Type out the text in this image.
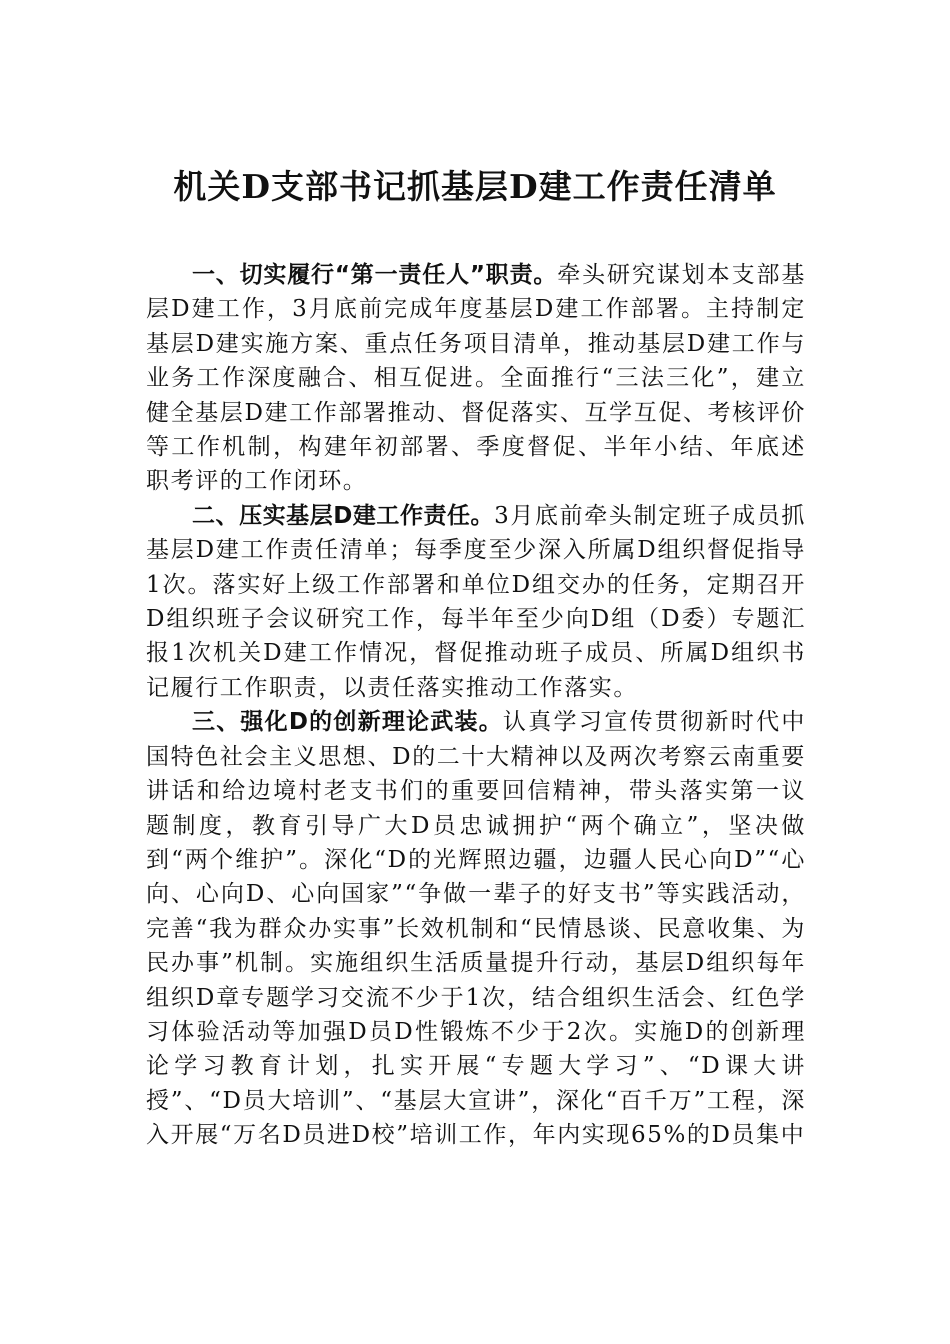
机关D支部书记抓基层D建工作责任清单

一、切实履行“第一责任人”职责。牵头研究谋划本支部基层D建工作，3月底前完成年度基层D建工作部署。主持制定基层D建实施方案、重点任务项目清单，推动基层D建工作与业务工作深度融合、相互促进。全面推行“三法三化”，建立健全基层D建工作部署推动、督促落实、互学互促、考核评价等工作机制，构建年初部署、季度督促、半年小结、年底述职考评的工作闭环。

二、压实基层D建工作责任。3月底前牵头制定班子成员抓基层D建工作责任清单；每季度至少深入所属D组织督促指导1次。落实好上级工作部署和单位D组交办的任务，定期召开D组织班子会议研究工作，每半年至少向D组（D委）专题汇报1次机关D建工作情况，督促推动班子成员、所属D组织书记履行工作职责，以责任落实推动工作落实。

三、强化D的创新理论武装。认真学习宣传贯彻新时代中国特色社会主义思想、D的二十大精神以及两次考察云南重要讲话和给边境村老支书们的重要回信精神，带头落实第一议题制度，教育引导广大D员忠诚拥护“两个确立”，坚决做到“两个维护”。深化“D的光辉照边疆，边疆人民心向D”“心向、心向D、心向国家”“争做一辈子的好支书”等实践活动，完善“我为群众办实事”长效机制和“民情恳谈、民意收集、为民办事”机制。实施组织生活质量提升行动，基层D组织每年组织D章专题学习交流不少于1次，结合组织生活会、红色学习体验活动等加强D员D性锻炼不少于2次。实施D的创新理论学习教育计划，扎实开展“专题大学习”、“D课大讲授”、“D员大培训”、“基层大宣讲”，深化“百千万”工程，深入开展“万名D员进D校”培训工作，年内实现65%的D员集中
